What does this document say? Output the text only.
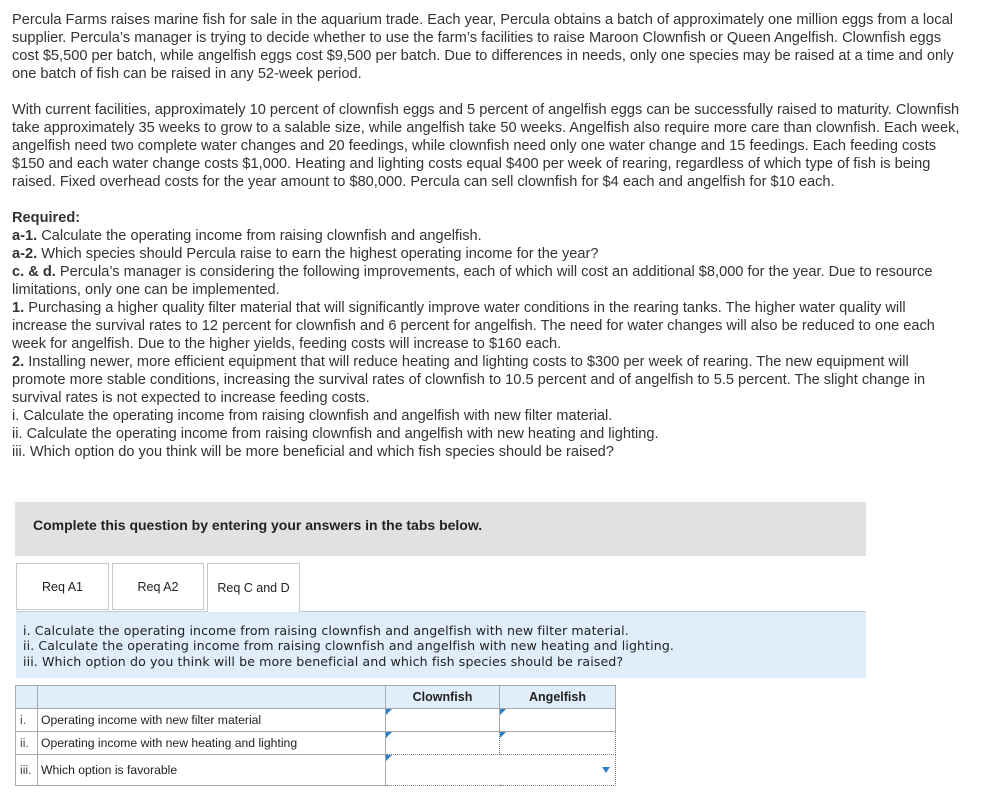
Percula Farms raises marine fish for sale in the aquarium trade. Each year, Percula obtains a batch of approximately one million eggs from a local supplier. Percula’s manager is trying to decide whether to use the farm’s facilities to raise Maroon Clownfish or Queen Angelfish. Clownfish eggs cost $5,500 per batch, while angelfish eggs cost $9,500 per batch. Due to differences in needs, only one species may be raised at a time and only one batch of fish can be raised in any 52-week period.

With current facilities, approximately 10 percent of clownfish eggs and 5 percent of angelfish eggs can be successfully raised to maturity. Clownfish take approximately 35 weeks to grow to a salable size, while angelfish take 50 weeks. Angelfish also require more care than clownfish. Each week, angelfish need two complete water changes and 20 feedings, while clownfish need only one water change and 15 feedings. Each feeding costs $150 and each water change costs $1,000. Heating and lighting costs equal $400 per week of rearing, regardless of which type of fish is being raised. Fixed overhead costs for the year amount to $80,000. Percula can sell clownfish for $4 each and angelfish for $10 each.

Required:
a-1. Calculate the operating income from raising clownfish and angelfish.
a-2. Which species should Percula raise to earn the highest operating income for the year?
c. & d. Percula’s manager is considering the following improvements, each of which will cost an additional $8,000 for the year. Due to resource limitations, only one can be implemented.
1. Purchasing a higher quality filter material that will significantly improve water conditions in the rearing tanks. The higher water quality will increase the survival rates to 12 percent for clownfish and 6 percent for angelfish. The need for water changes will also be reduced to one each week for angelfish. Due to the higher yields, feeding costs will increase to $160 each.
2. Installing newer, more efficient equipment that will reduce heating and lighting costs to $300 per week of rearing. The new equipment will promote more stable conditions, increasing the survival rates of clownfish to 10.5 percent and of angelfish to 5.5 percent. The slight change in survival rates is not expected to increase feeding costs.
i. Calculate the operating income from raising clownfish and angelfish with new filter material.
ii. Calculate the operating income from raising clownfish and angelfish with new heating and lighting.
iii. Which option do you think will be more beneficial and which fish species should be raised?
Complete this question by entering your answers in the tabs below.
Req A1	Req A2	Req C and D
i. Calculate the operating income from raising clownfish and angelfish with new filter material.
ii. Calculate the operating income from raising clownfish and angelfish with new heating and lighting.
iii. Which option do you think will be more beneficial and which fish species should be raised?
		Clownfish	Angelfish
i.	Operating income with new filter material		
ii.	Operating income with new heating and lighting		
iii.	Which option is favorable	
